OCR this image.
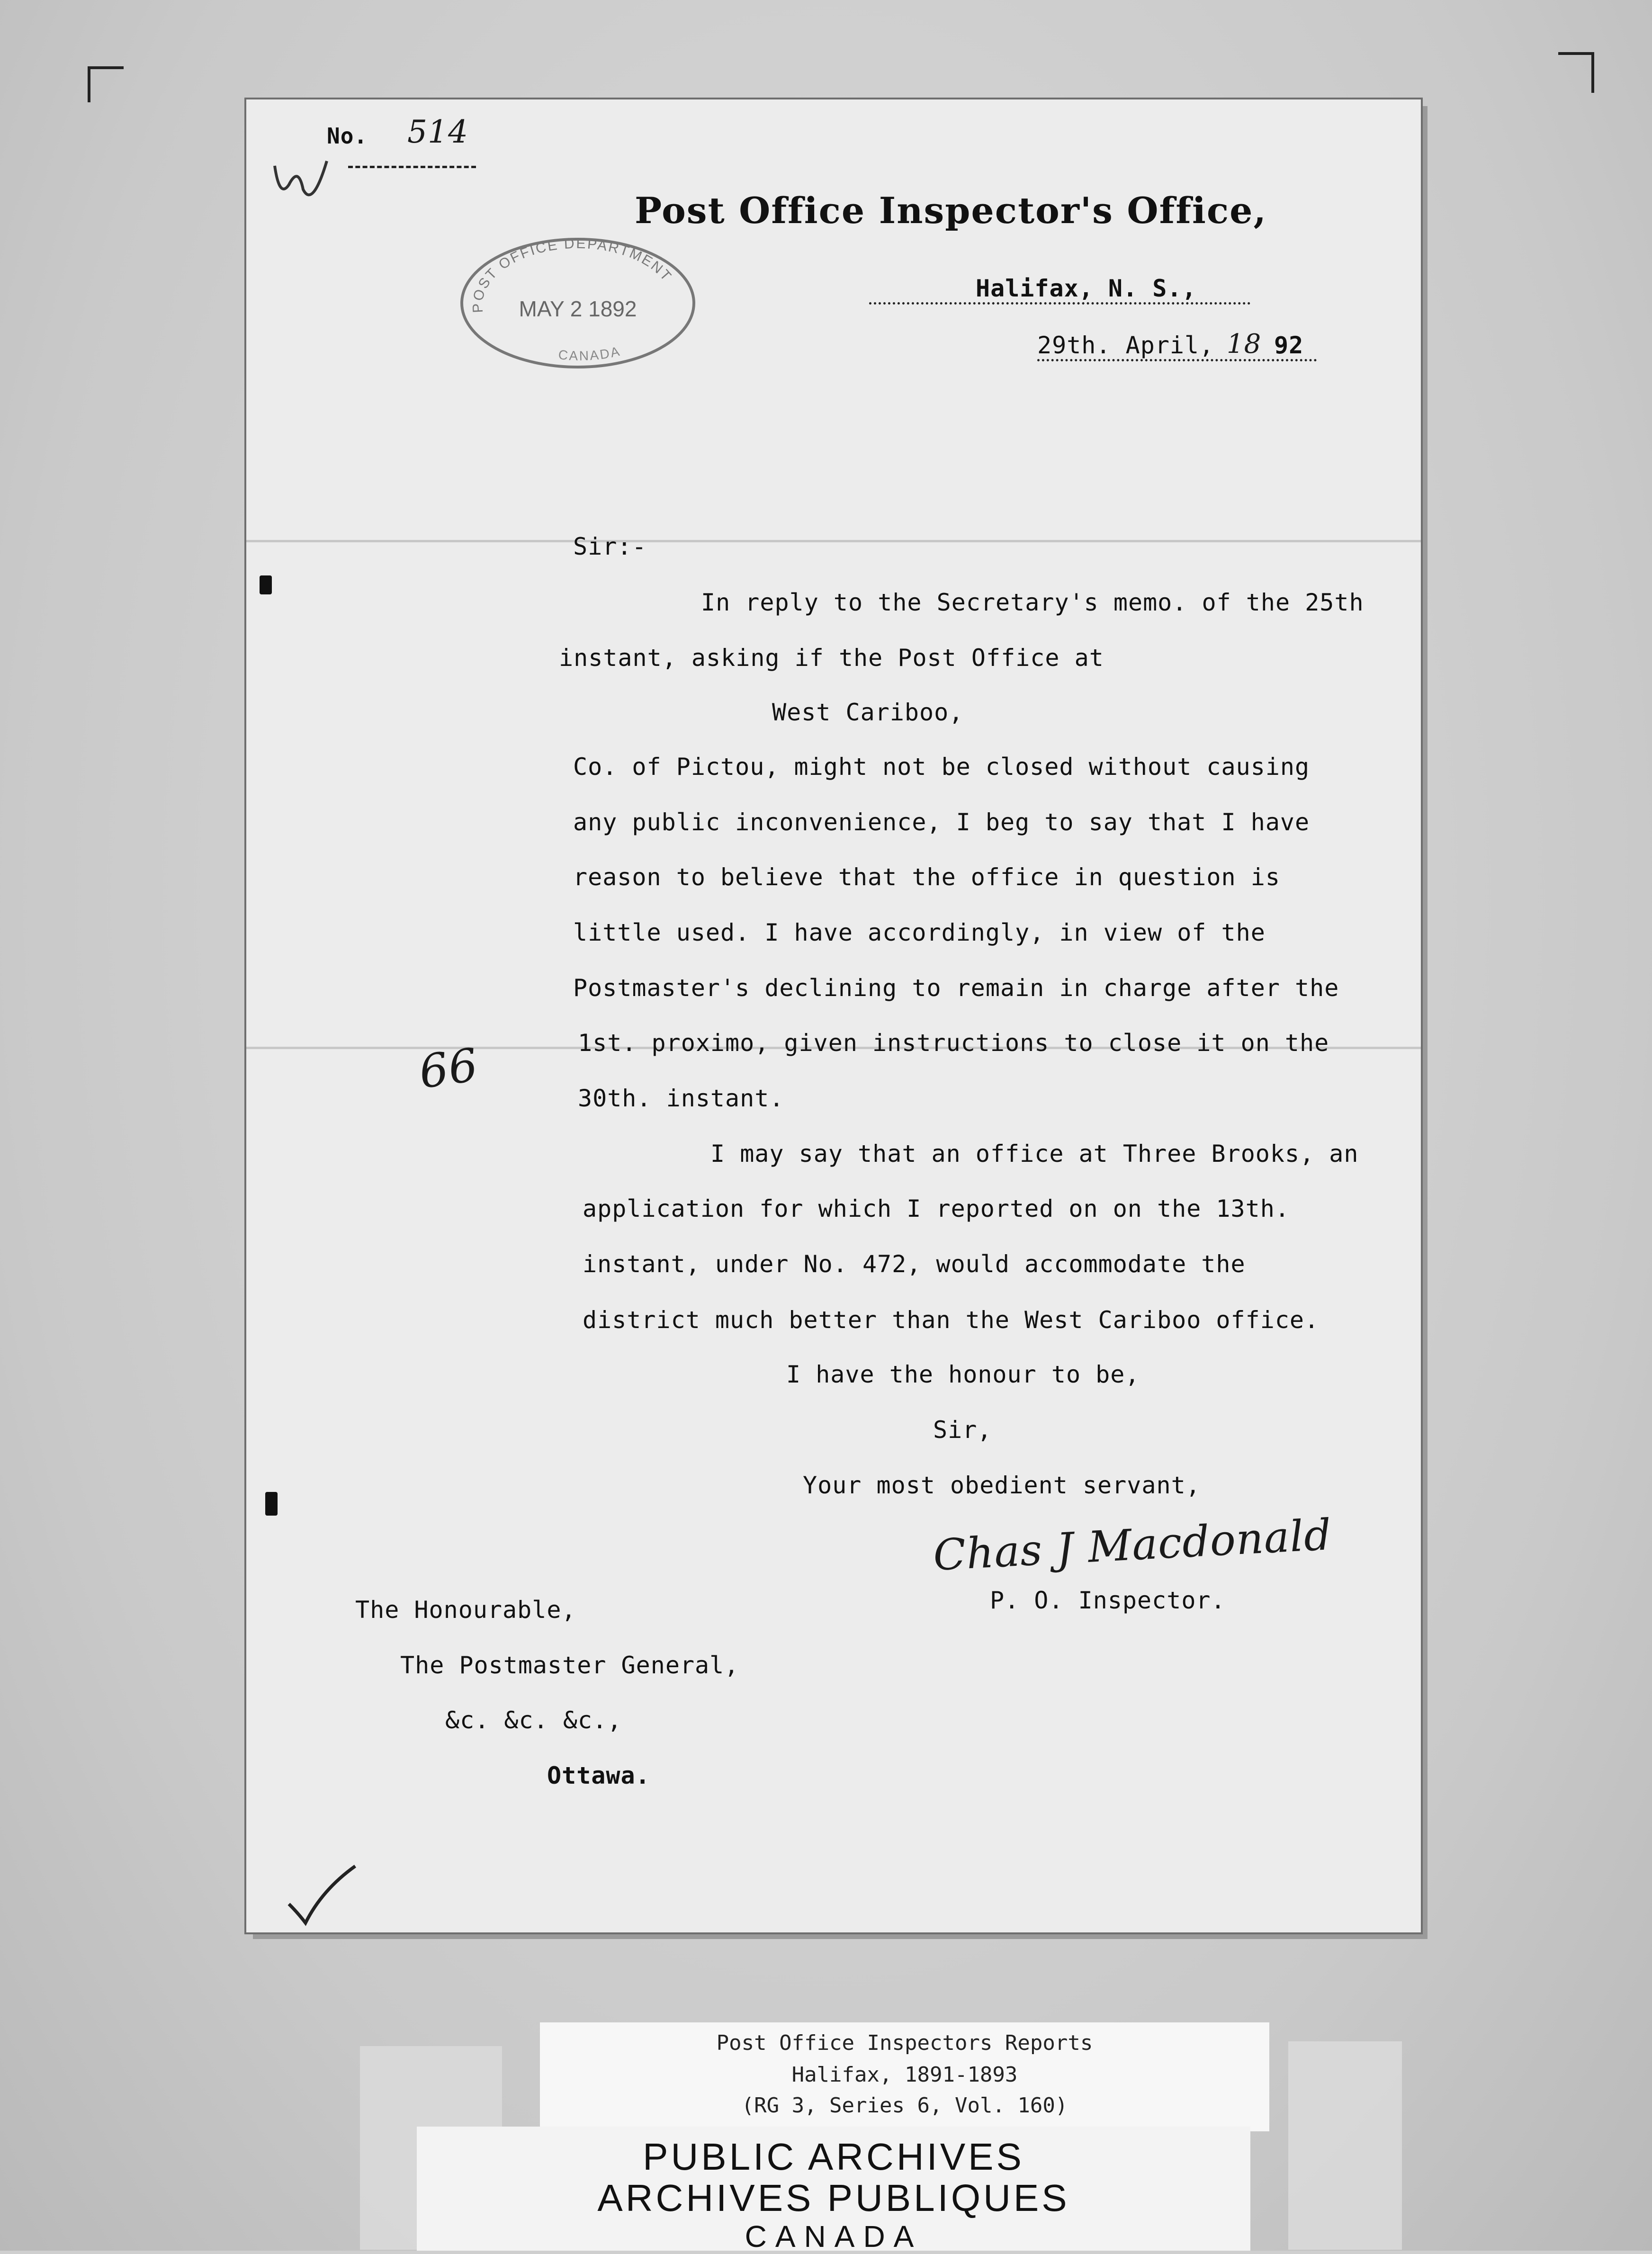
No. 514
Post Office Inspector's Office,
POST OFFICE DEPARTMENT
MAY 2 1892
CANADA
Halifax, N. S.,
29th. April, 18 92
Sir:-
In reply to the Secretary's memo. of the 25th
instant, asking if the Post Office at
West Cariboo,
Co. of Pictou, might not be closed without causing
any public inconvenience, I beg to say that I have
reason to believe that the office in question is
little used. I have accordingly, in view of the
Postmaster's declining to remain in charge after the
1st. proximo, given instructions to close it on the
30th. instant.
I may say that an office at Three Brooks, an
application for which I reported on on the 13th.
instant, under No. 472, would accommodate the
district much better than the West Cariboo office.
66
I have the honour to be,
Sir,
Your most obedient servant,
Chas J Macdonald
P. O. Inspector.
The Honourable,
The Postmaster General,
&c. &c. &c.,
Ottawa.
Post Office Inspectors Reports
Halifax, 1891-1893
(RG 3, Series 6, Vol. 160)
PUBLIC ARCHIVES
ARCHIVES PUBLIQUES
CANADA
